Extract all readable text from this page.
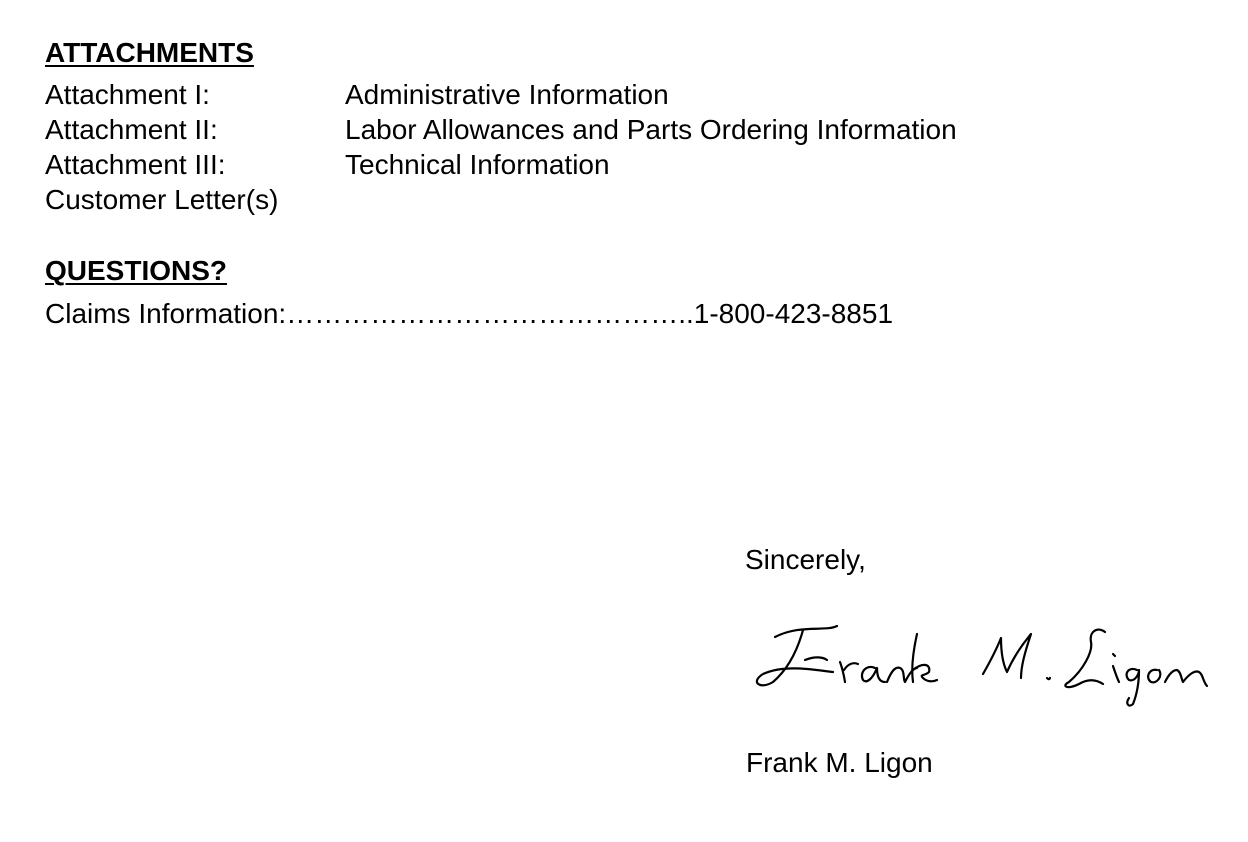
ATTACHMENTS
Attachment I:	Administrative Information
Attachment II:	Labor Allowances and Parts Ordering Information
Attachment III:	Technical Information
Customer Letter(s)
QUESTIONS?
Claims Information:……………………………………..1-800-423-8851
Sincerely,
Frank M. Ligon
